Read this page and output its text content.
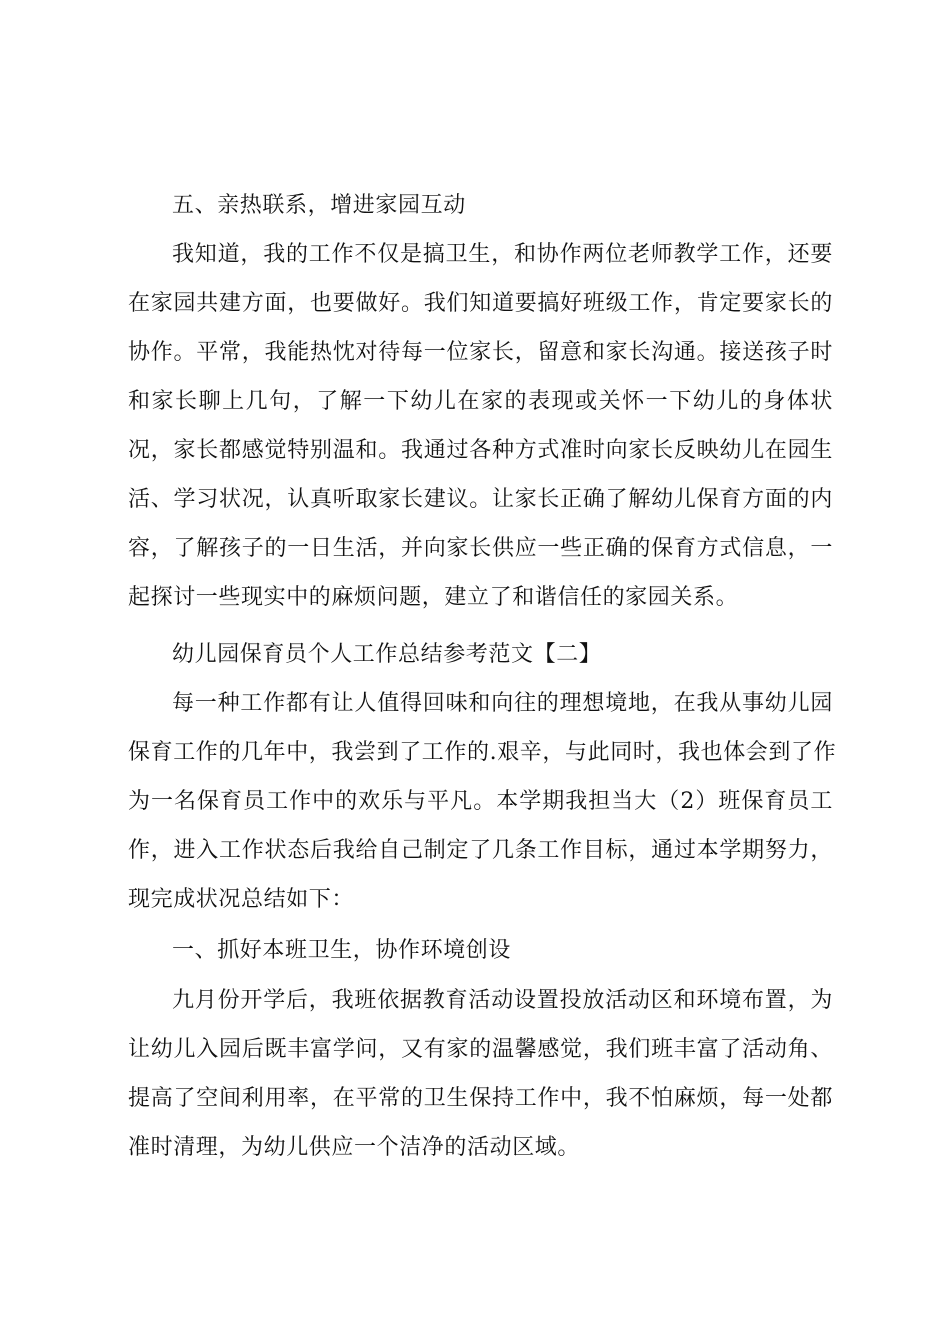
五、亲热联系，增进家园互动
我知道，我的工作不仅是搞卫生，和协作两位老师教学工作，还要
在家园共建方面，也要做好。我们知道要搞好班级工作，肯定要家长的
协作。平常，我能热忱对待每一位家长，留意和家长沟通。接送孩子时
和家长聊上几句，了解一下幼儿在家的表现或关怀一下幼儿的身体状
况，家长都感觉特别温和。我通过各种方式准时向家长反映幼儿在园生
活、学习状况，认真听取家长建议。让家长正确了解幼儿保育方面的内
容，了解孩子的一日生活，并向家长供应一些正确的保育方式信息，一
起探讨一些现实中的麻烦问题，建立了和谐信任的家园关系。
幼儿园保育员个人工作总结参考范文【二】
每一种工作都有让人值得回味和向往的理想境地，在我从事幼儿园
保育工作的几年中，我尝到了工作的.艰辛，与此同时，我也体会到了作
为一名保育员工作中的欢乐与平凡。本学期我担当大（2）班保育员工
作，进入工作状态后我给自己制定了几条工作目标，通过本学期努力，
现完成状况总结如下：
一、抓好本班卫生，协作环境创设
九月份开学后，我班依据教育活动设置投放活动区和环境布置，为
让幼儿入园后既丰富学问，又有家的温馨感觉，我们班丰富了活动角、
提高了空间利用率，在平常的卫生保持工作中，我不怕麻烦，每一处都
准时清理，为幼儿供应一个洁净的活动区域。
